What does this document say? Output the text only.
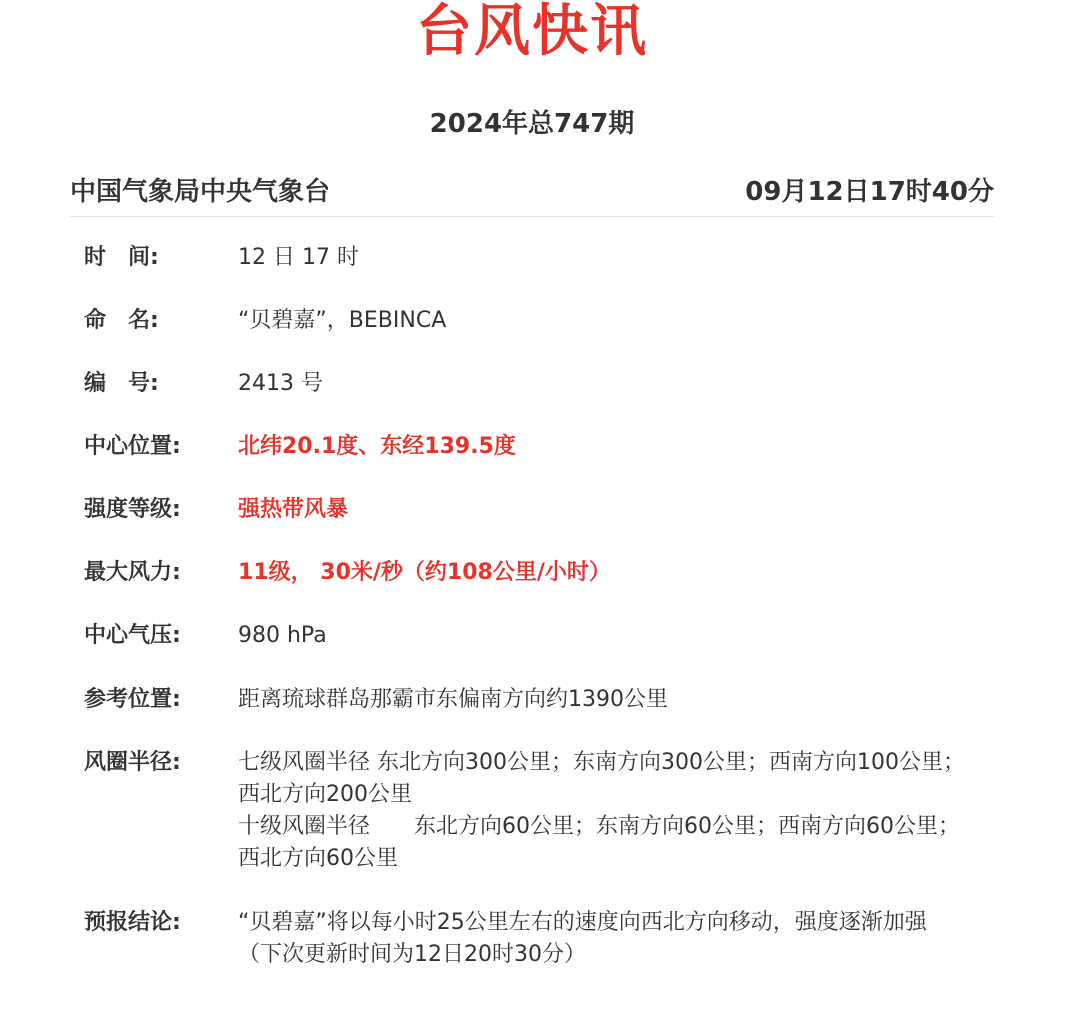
台风快讯
2024年总747期
中国气象局中央气象台	09月12日17时40分
时　间:	12 日 17 时
命　名:	“贝碧嘉”，BEBINCA
编　号:	2413 号
中心位置:	北纬20.1度、东经139.5度
强度等级:	强热带风暴
最大风力:	11级， 30米/秒（约108公里/小时）
中心气压:	980 hPa
参考位置:	距离琉球群岛那霸市东偏南方向约1390公里
风圈半径:	七级风圈半径 东北方向300公里；东南方向300公里；西南方向100公里；西北方向200公里
十级风圈半径　　东北方向60公里；东南方向60公里；西南方向60公里；西北方向60公里
预报结论:	“贝碧嘉”将以每小时25公里左右的速度向西北方向移动，强度逐渐加强
（下次更新时间为12日20时30分）
